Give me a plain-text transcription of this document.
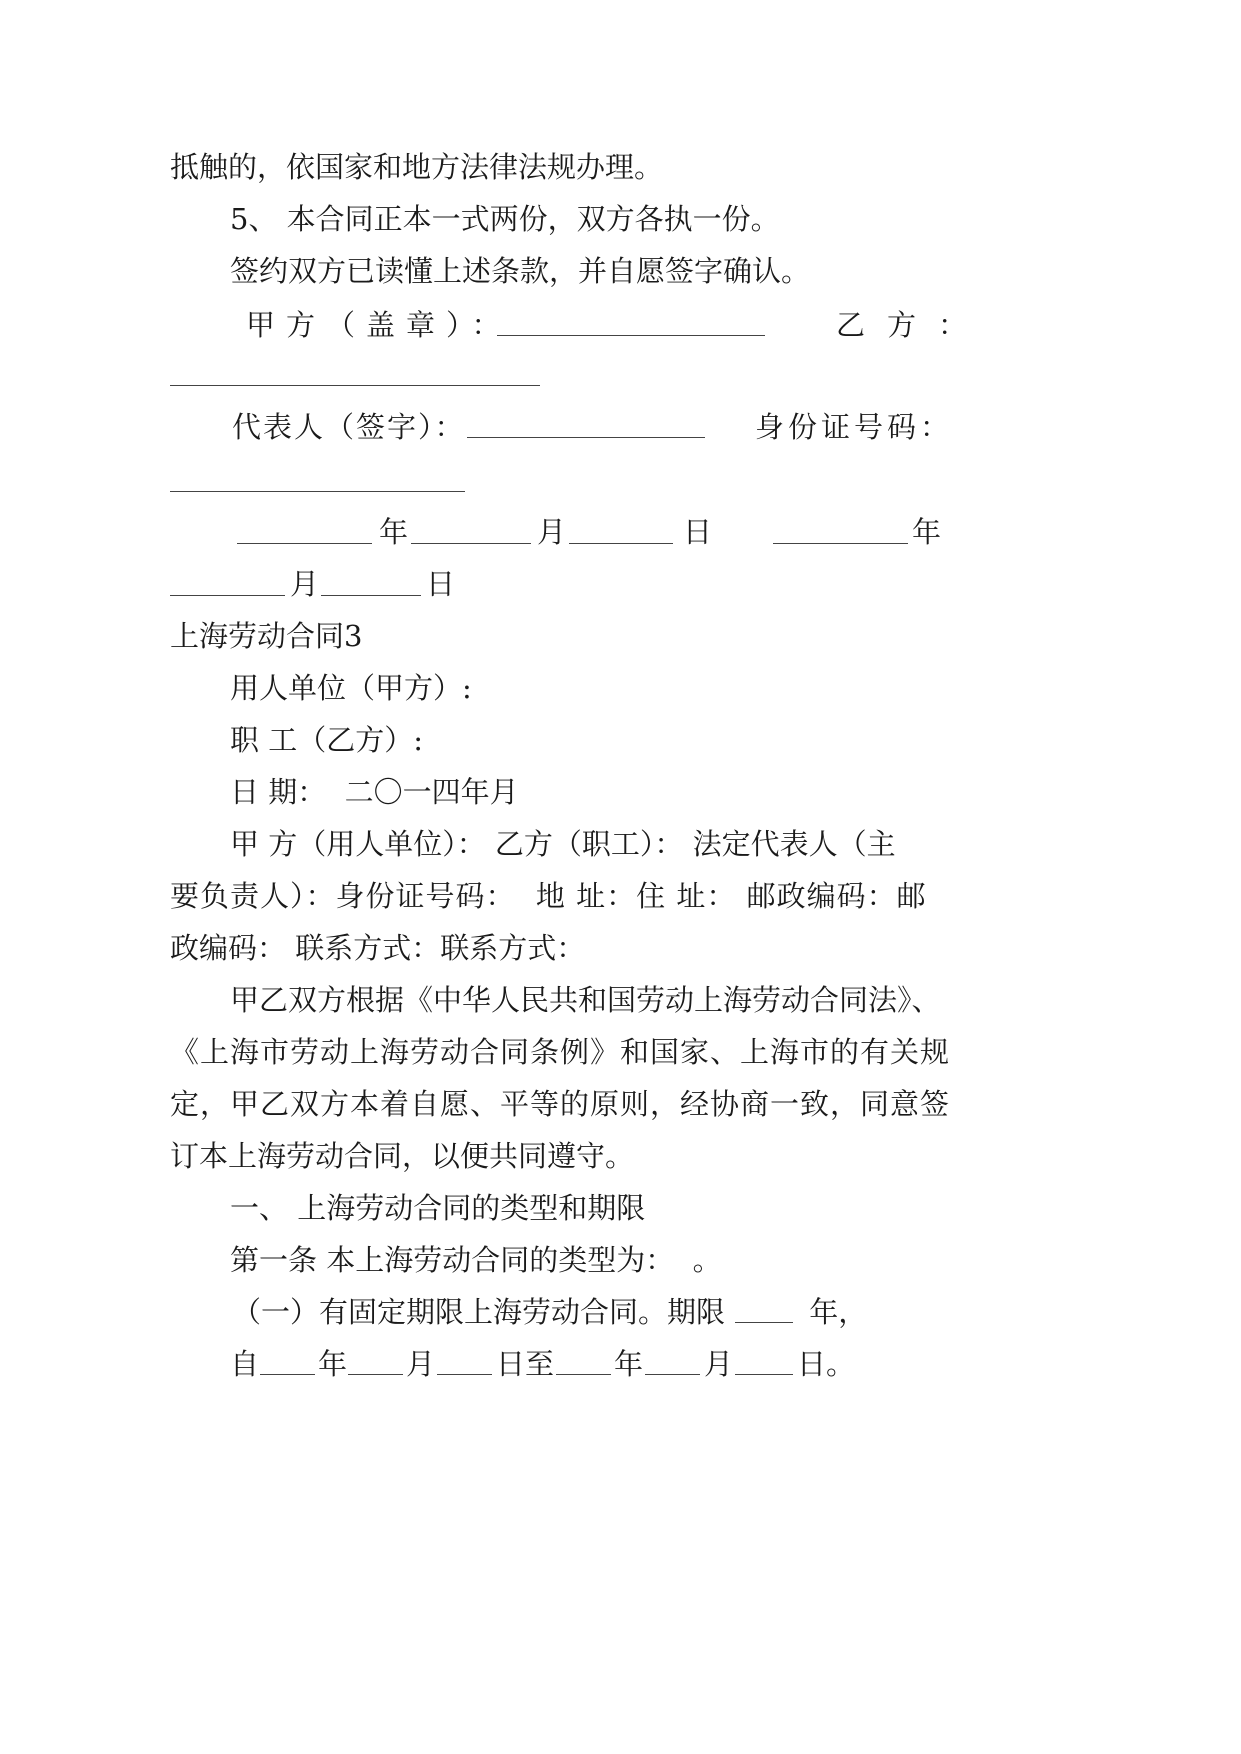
抵触的，依国家和地方法律法规办理。
5、 本合同正本一式两份，双方各执一份。
签约双方已读懂上述条款，并自愿签字确认。
甲方（盖章）：	乙方：
代表人（签字）：	身份证号码：
年	月	日	年
月	日
上海劳动合同3
用人单位（甲方）:
职 工（乙方）:
日 期：  二〇一四年月
甲 方（用人单位）： 乙方（职工）： 法定代表人（主
要负责人）：身份证号码：  地 址：住 址： 邮政编码：邮
政编码： 联系方式：联系方式：
甲乙双方根据《中华人民共和国劳动上海劳动合同法》、
《上海市劳动上海劳动合同条例》和国家、上海市的有关规
定，甲乙双方本着自愿、平等的原则，经协商一致，同意签
订本上海劳动合同，以便共同遵守。
一、 上海劳动合同的类型和期限
第一条 本上海劳动合同的类型为：  。
（一）有固定期限上海劳动合同。期限	年，
自 年 月 日至 年 月 日。
